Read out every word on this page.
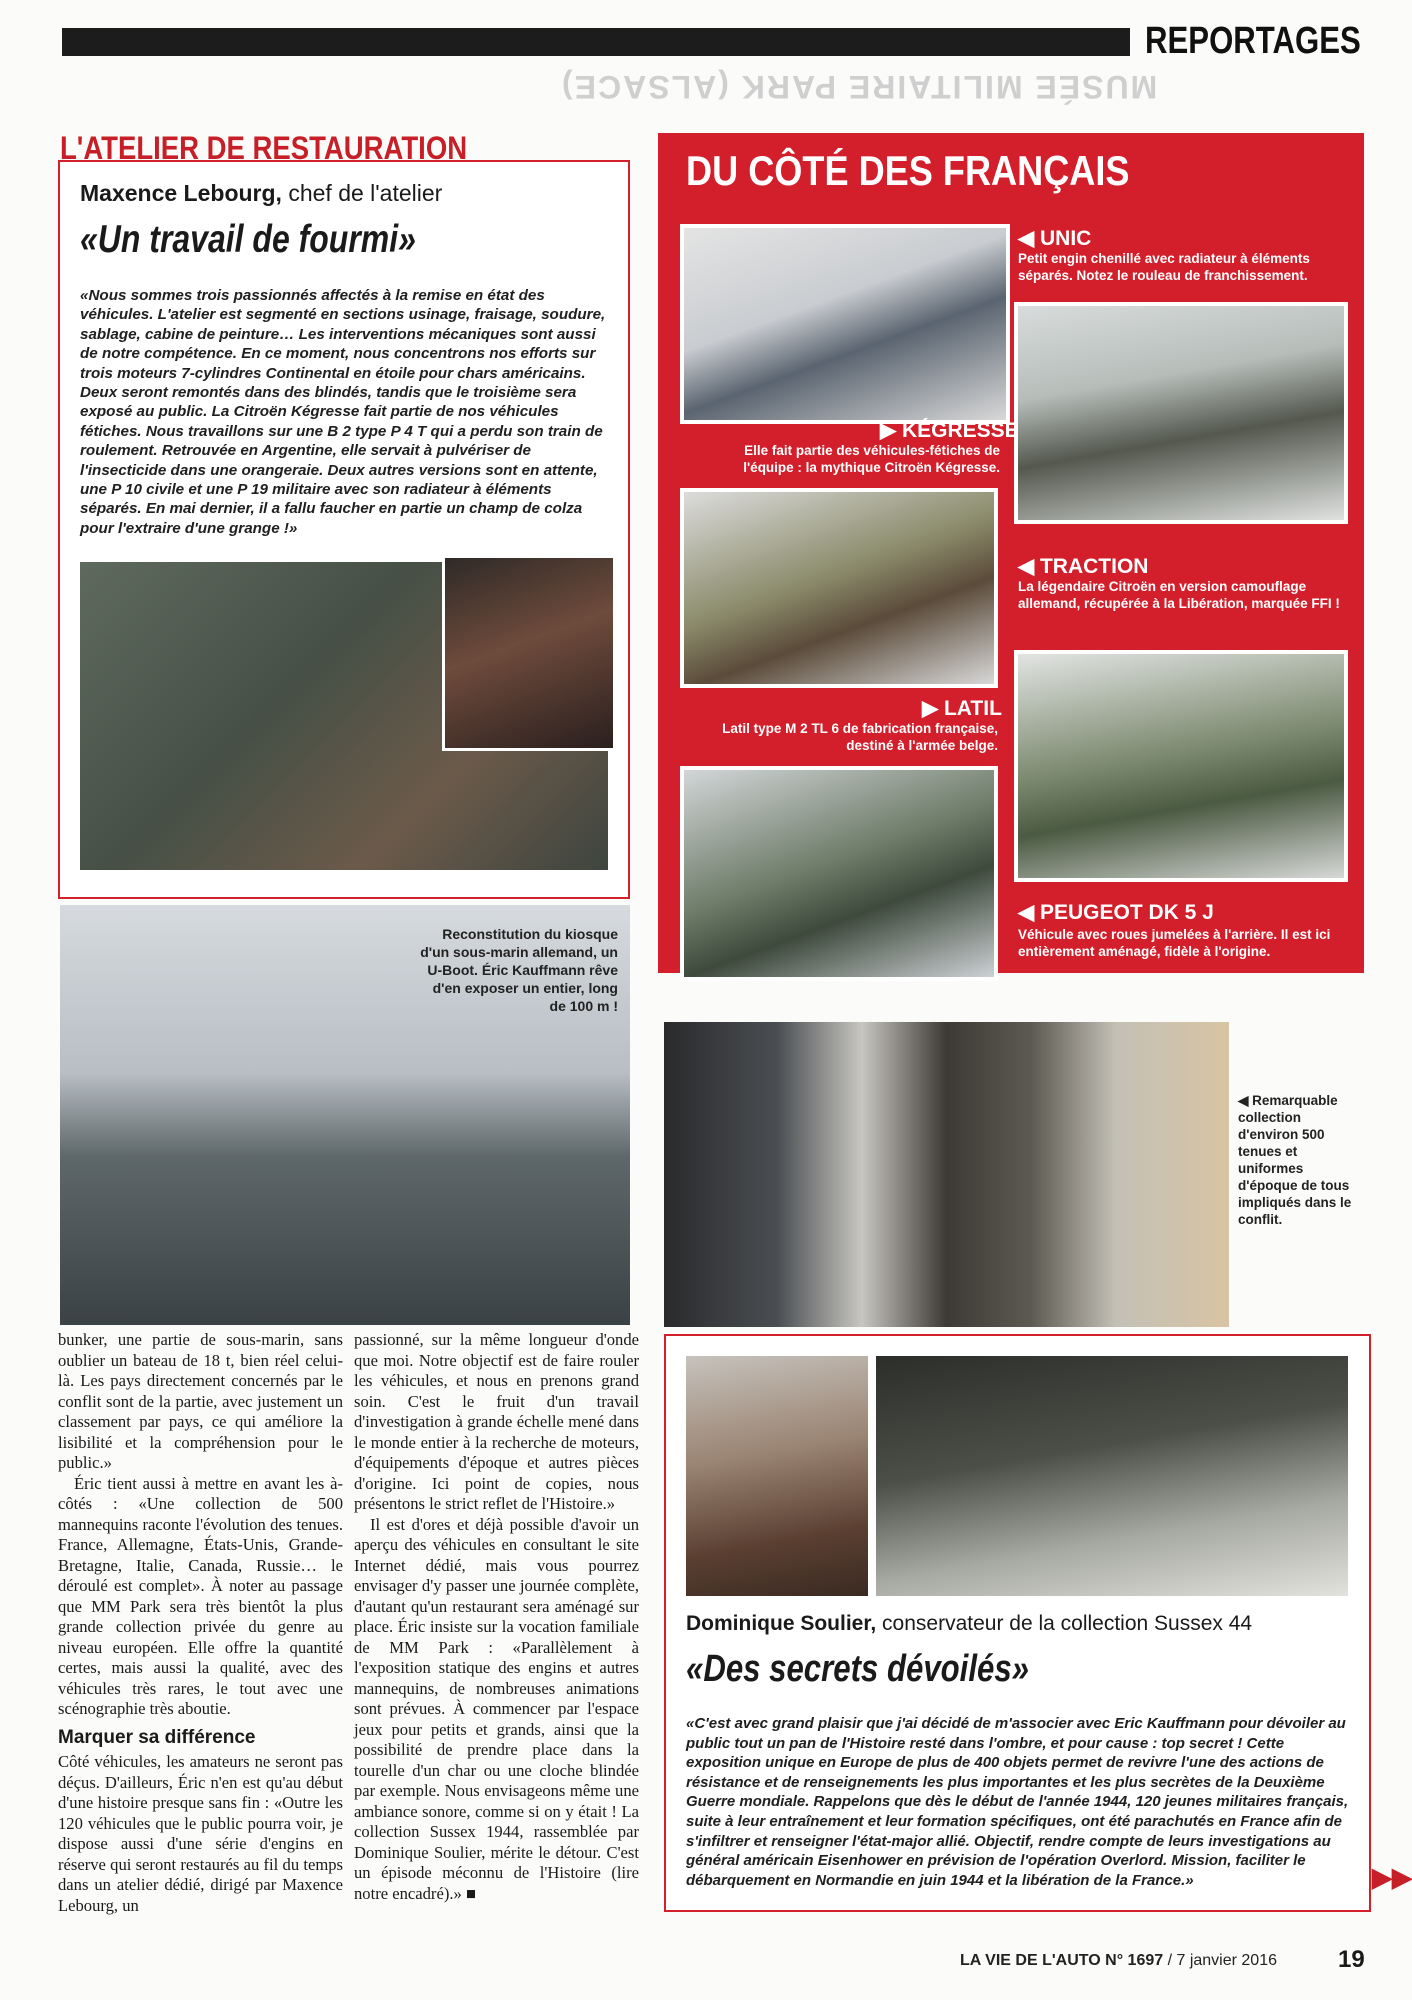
REPORTAGES
MUSÉE MILITAIRE PARK (ALSACE)
L'ATELIER DE RESTAURATION
Maxence Lebourg, chef de l'atelier
«Un travail de fourmi»
«Nous sommes trois passionnés affectés à la remise en état des véhicules. L'atelier est segmenté en sections usinage, fraisage, soudure, sablage, cabine de peinture… Les interventions mécaniques sont aussi de notre compétence. En ce moment, nous concentrons nos efforts sur trois moteurs 7-cylindres Continental en étoile pour chars américains. Deux seront remontés dans des blindés, tandis que le troisième sera exposé au public. La Citroën Kégresse fait partie de nos véhicules fétiches. Nous travaillons sur une B 2 type P 4 T qui a perdu son train de roulement. Retrouvée en Argentine, elle servait à pulvériser de l'insecticide dans une orangeraie. Deux autres versions sont en attente, une P 10 civile et une P 19 militaire avec son radiateur à éléments séparés. En mai dernier, il a fallu faucher en partie un champ de colza pour l'extraire d'une grange !»
DU CÔTÉ DES FRANÇAIS
◀ UNIC
Petit engin chenillé avec radiateur à éléments séparés. Notez le rouleau de franchissement.
▶ KÉGRESSE
Elle fait partie des véhicules-fétiches de l'équipe : la mythique Citroën Kégresse.
◀ TRACTION
La légendaire Citroën en version camouflage allemand, récupérée à la Libération, marquée FFI !
▶ LATIL
Latil type M 2 TL 6 de fabrication française, destiné à l'armée belge.
◀ PEUGEOT DK 5 J
Véhicule avec roues jumelées à l'arrière. Il est ici entièrement aménagé, fidèle à l'origine.
Reconstitution du kiosque d'un sous-marin allemand, un U-Boot. Éric Kauffmann rêve d'en exposer un entier, long de 100 m !
◀ Remarquable collection d'environ 500 tenues et uniformes d'époque de tous impliqués dans le conflit.

bunker, une partie de sous-marin, sans oublier un bateau de 18 t, bien réel celui-là. Les pays directement concernés par le conflit sont de la partie, avec justement un classement par pays, ce qui améliore la lisibilité et la compréhension pour le public.»

Éric tient aussi à mettre en avant les à-côtés : «Une collection de 500 mannequins raconte l'évolution des tenues. France, Allemagne, États-Unis, Grande-Bretagne, Italie, Canada, Russie… le déroulé est complet». À noter au passage que MM Park sera très bientôt la plus grande collection privée du genre au niveau européen. Elle offre la quantité certes, mais aussi la qualité, avec des véhicules très rares, le tout avec une scénographie très aboutie.

Marquer sa différence

Côté véhicules, les amateurs ne seront pas déçus. D'ailleurs, Éric n'en est qu'au début d'une histoire presque sans fin : «Outre les 120 véhicules que le public pourra voir, je dispose aussi d'une série d'engins en réserve qui seront restaurés au fil du temps dans un atelier dédié, dirigé par Maxence Lebourg, un

passionné, sur la même longueur d'onde que moi. Notre objectif est de faire rouler les véhicules, et nous en prenons grand soin. C'est le fruit d'un travail d'investigation à grande échelle mené dans le monde entier à la recherche de moteurs, d'équipements d'époque et autres pièces d'origine. Ici point de copies, nous présentons le strict reflet de l'Histoire.»

Il est d'ores et déjà possible d'avoir un aperçu des véhicules en consultant le site Internet dédié, mais vous pourrez envisager d'y passer une journée complète, d'autant qu'un restaurant sera aménagé sur place. Éric insiste sur la vocation familiale de MM Park : «Parallèlement à l'exposition statique des engins et autres mannequins, de nombreuses animations sont prévues. À commencer par l'espace jeux pour petits et grands, ainsi que la possibilité de prendre place dans la tourelle d'un char ou une cloche blindée par exemple. Nous envisageons même une ambiance sonore, comme si on y était ! La collection Sussex 1944, rassemblée par Dominique Soulier, mérite le détour. C'est un épisode méconnu de l'Histoire (lire notre encadré).» ■

Dominique Soulier, conservateur de la collection Sussex 44
«Des secrets dévoilés»
«C'est avec grand plaisir que j'ai décidé de m'associer avec Eric Kauffmann pour dévoiler au public tout un pan de l'Histoire resté dans l'ombre, et pour cause : top secret ! Cette exposition unique en Europe de plus de 400 objets permet de revivre l'une des actions de résistance et de renseignements les plus importantes et les plus secrètes de la Deuxième Guerre mondiale. Rappelons que dès le début de l'année 1944, 120 jeunes militaires français, suite à leur entraînement et leur formation spécifiques, ont été parachutés en France afin de s'infiltrer et renseigner l'état-major allié. Objectif, rendre compte de leurs investigations au général américain Eisenhower en prévision de l'opération Overlord. Mission, faciliter le débarquement en Normandie en juin 1944 et la libération de la France.»	▶▶
LA VIE DE L'AUTO N° 1697 / 7 janvier 2016	19
